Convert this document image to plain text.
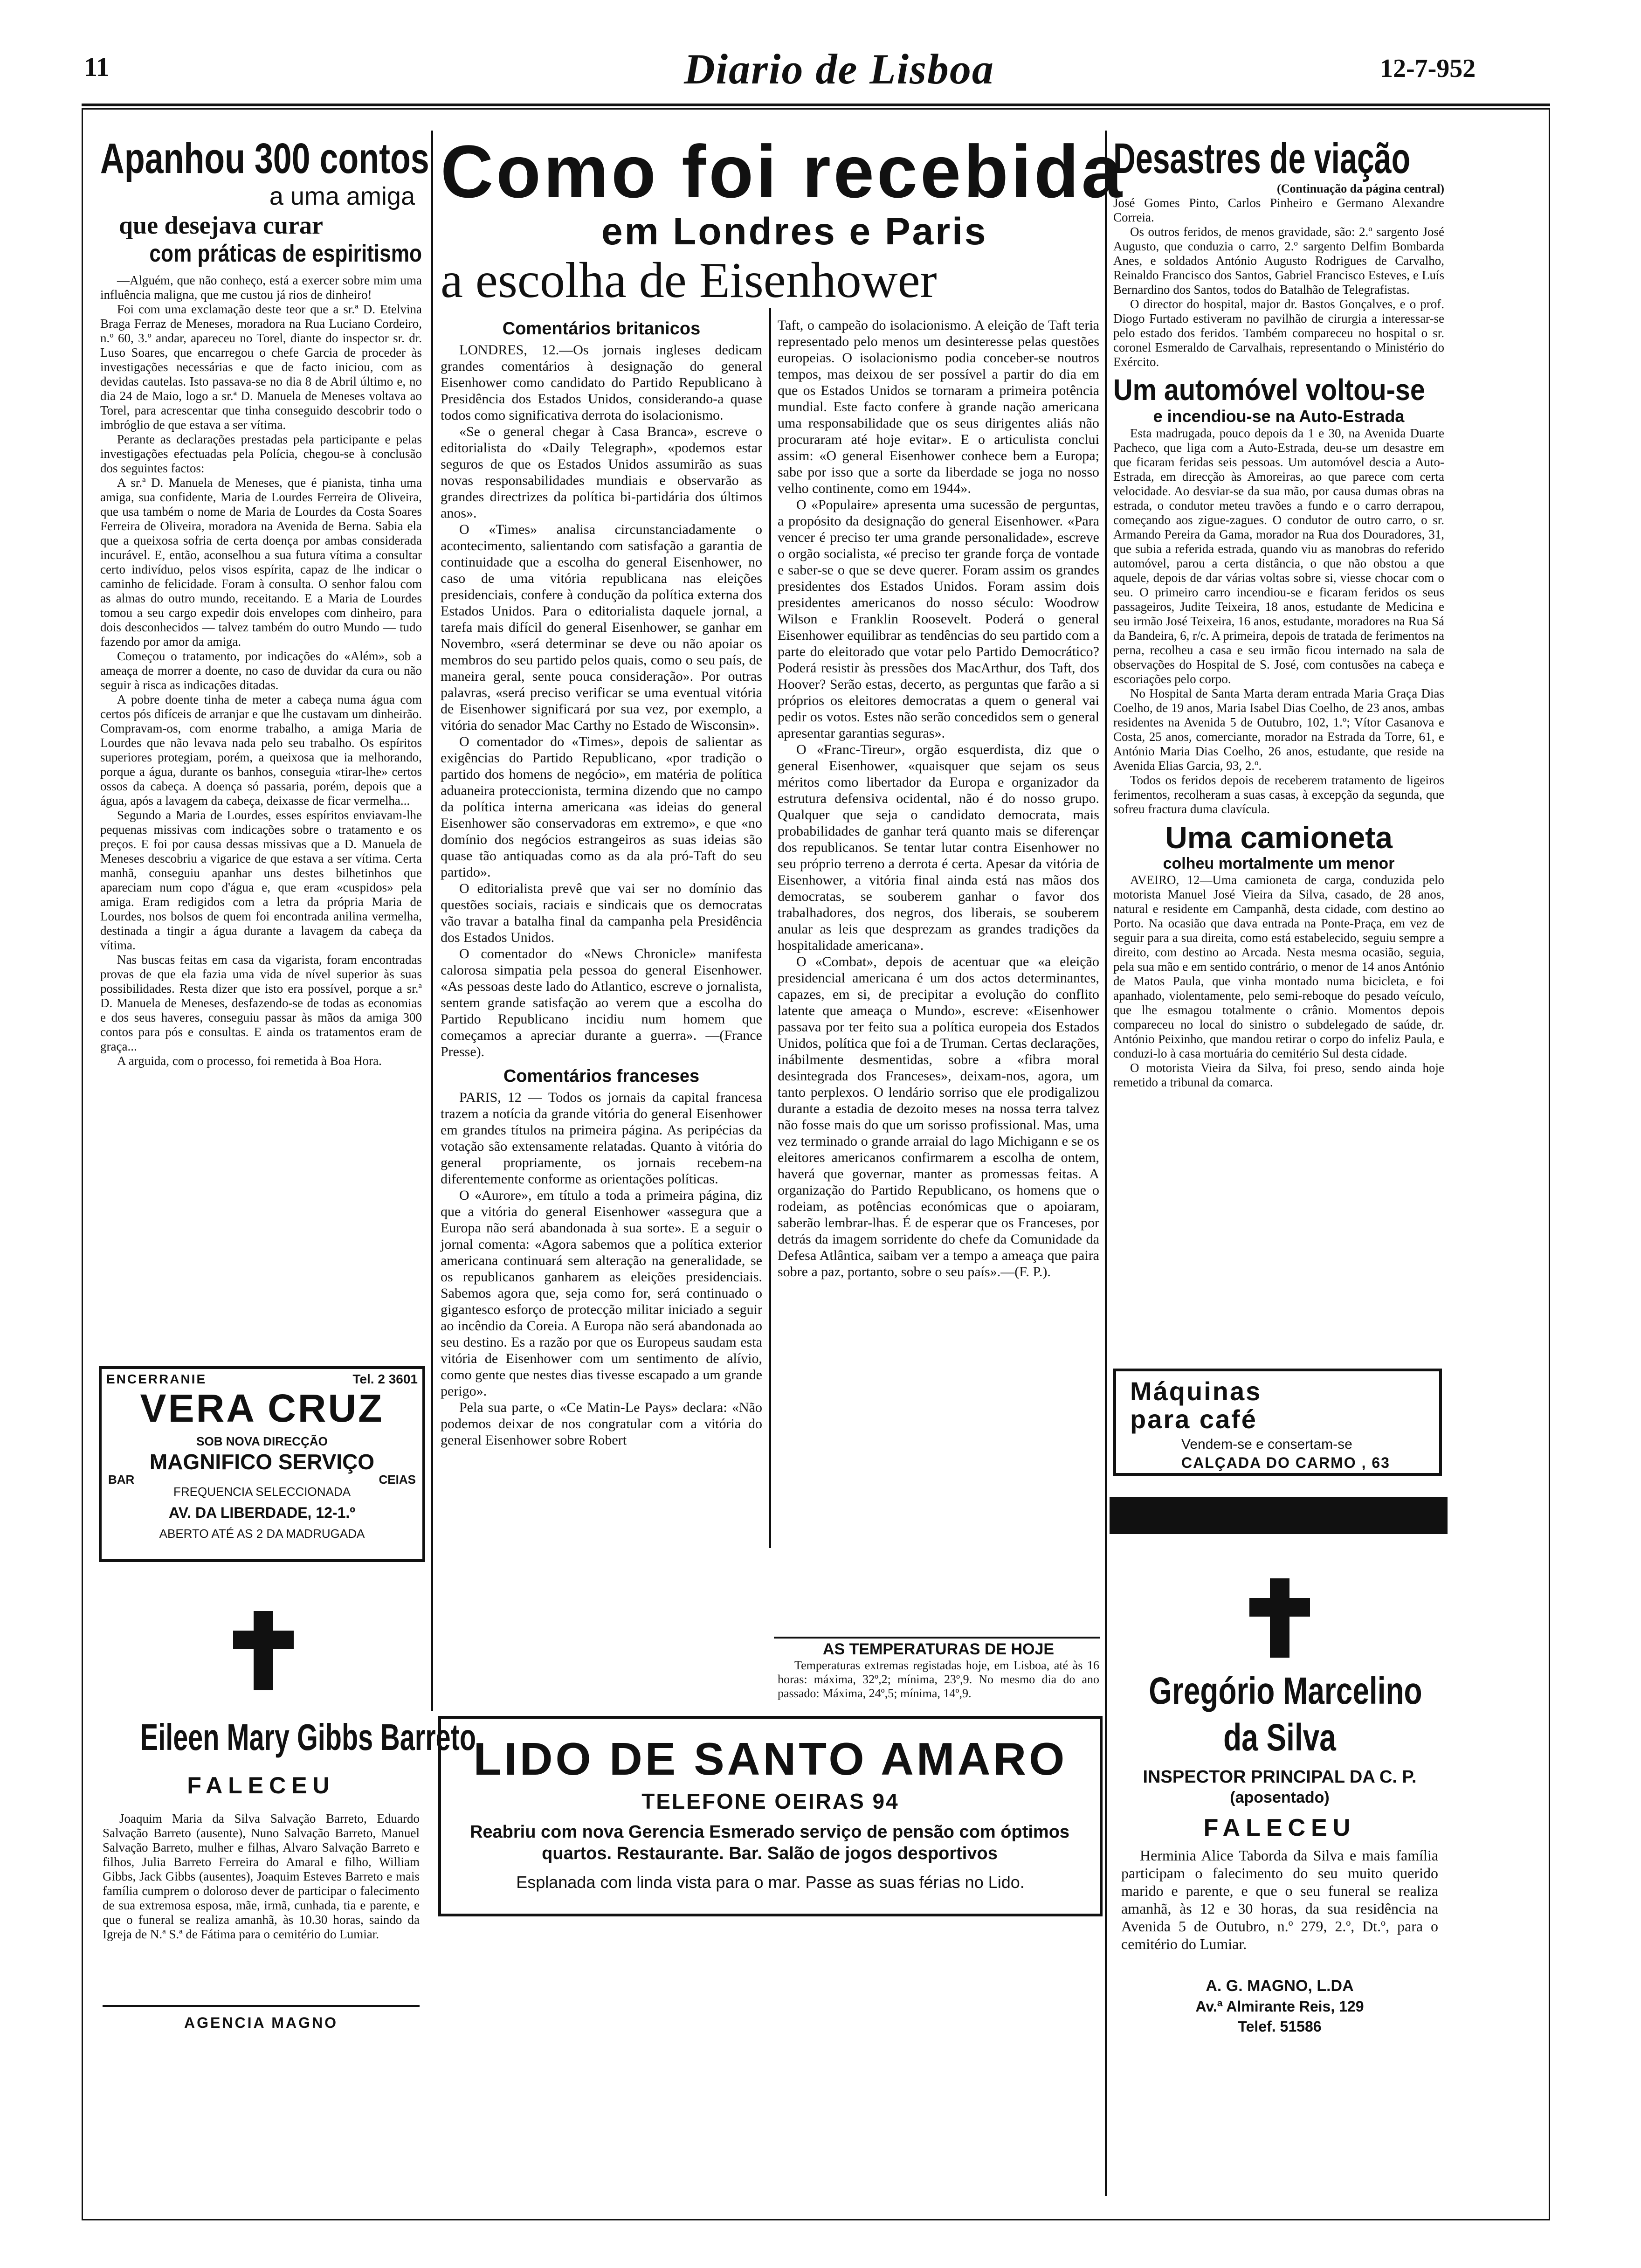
11	Diario de Lisboa	12-7-952
Apanhou 300 contos
a uma amiga
que desejava curar
com práticas de espiritismo

—Alguém, que não conheço, está a exercer sobre mim uma influência maligna, que me custou já rios de dinheiro!

Foi com uma exclamação deste teor que a sr.ª D. Etelvina Braga Ferraz de Meneses, moradora na Rua Luciano Cordeiro, n.º 60, 3.º andar, apareceu no Torel, diante do inspector sr. dr. Luso Soares, que encarregou o chefe Garcia de proceder às investigações necessárias e que de facto iniciou, com as devidas cautelas. Isto passava-se no dia 8 de Abril último e, no dia 24 de Maio, logo a sr.ª D. Manuela de Meneses voltava ao Torel, para acrescentar que tinha conseguido descobrir todo o imbróglio de que estava a ser vítima.

Perante as declarações prestadas pela participante e pelas investigações efectuadas pela Polícia, chegou-se à conclusão dos seguintes factos:

A sr.ª D. Manuela de Meneses, que é pianista, tinha uma amiga, sua confidente, Maria de Lourdes Ferreira de Oliveira, que usa também o nome de Maria de Lourdes da Costa Soares Ferreira de Oliveira, moradora na Avenida de Berna. Sabia ela que a queixosa sofria de certa doença por ambas considerada incurável. E, então, aconselhou a sua futura vítima a consultar certo indivíduo, pelos visos espírita, capaz de lhe indicar o caminho de felicidade. Foram à consulta. O senhor falou com as almas do outro mundo, receitando. E a Maria de Lourdes tomou a seu cargo expedir dois envelopes com dinheiro, para dois desconhecidos — talvez também do outro Mundo — tudo fazendo por amor da amiga.

Começou o tratamento, por indicações do «Além», sob a ameaça de morrer a doente, no caso de duvidar da cura ou não seguir à risca as indicações ditadas.

A pobre doente tinha de meter a cabeça numa água com certos pós difíceis de arranjar e que lhe custavam um dinheirão. Compravam-os, com enorme trabalho, a amiga Maria de Lourdes que não levava nada pelo seu trabalho. Os espíritos superiores protegiam, porém, a queixosa que ia melhorando, porque a água, durante os banhos, conseguia «tirar-lhe» certos ossos da cabeça. A doença só passaria, porém, depois que a água, após a lavagem da cabeça, deixasse de ficar vermelha...

Segundo a Maria de Lourdes, esses espíritos enviavam-lhe pequenas missivas com indicações sobre o tratamento e os preços. E foi por causa dessas missivas que a D. Manuela de Meneses descobriu a vigarice de que estava a ser vítima. Certa manhã, conseguiu apanhar uns destes bilhetinhos que apareciam num copo d'água e, que eram «cuspidos» pela amiga. Eram redigidos com a letra da própria Maria de Lourdes, nos bolsos de quem foi encontrada anilina vermelha, destinada a tingir a água durante a lavagem da cabeça da vítima.

Nas buscas feitas em casa da vigarista, foram encontradas provas de que ela fazia uma vida de nível superior às suas possibilidades. Resta dizer que isto era possível, porque a sr.ª D. Manuela de Meneses, desfazendo-se de todas as economias e dos seus haveres, conseguiu passar às mãos da amiga 300 contos para pós e consultas. E ainda os tratamentos eram de graça...

A arguida, com o processo, foi remetida à Boa Hora.

ENCERRANIE	Tel. 2 3601
VERA CRUZ
SOB NOVA DIRECÇÃO
MAGNIFICO SERVIÇO
BAR	CEIAS
FREQUENCIA SELECCIONADA
AV. DA LIBERDADE, 12-1.º
ABERTO ATÉ AS 2 DA MADRUGADA
Eileen Mary Gibbs Barreto
FALECEU

Joaquim Maria da Silva Salvação Barreto, Eduardo Salvação Barreto (ausente), Nuno Salvação Barreto, Manuel Salvação Barreto, mulher e filhas, Alvaro Salvação Barreto e filhos, Julia Barreto Ferreira do Amaral e filho, William Gibbs, Jack Gibbs (ausentes), Joaquim Esteves Barreto e mais família cumprem o doloroso dever de participar o falecimento de sua extremosa esposa, mãe, irmã, cunhada, tia e parente, e que o funeral se realiza amanhã, às 10.30 horas, saindo da Igreja de N.ª S.ª de Fátima para o cemitério do Lumiar.

AGENCIA MAGNO
Como foi recebida
em Londres e Paris
a escolha de Eisenhower
Comentários britanicos

LONDRES, 12.—Os jornais ingleses dedicam grandes comentários à designação do general Eisenhower como candidato do Partido Republicano à Presidência dos Estados Unidos, considerando-a quase todos como significativa derrota do isolacionismo.

«Se o general chegar à Casa Branca», escreve o editorialista do «Daily Telegraph», «podemos estar seguros de que os Estados Unidos assumirão as suas novas responsabilidades mundiais e observarão as grandes directrizes da política bi-partidária dos últimos anos».

O «Times» analisa circunstanciadamente o acontecimento, salientando com satisfação a garantia de continuidade que a escolha do general Eisenhower, no caso de uma vitória republicana nas eleições presidenciais, confere à condução da política externa dos Estados Unidos. Para o editorialista daquele jornal, a tarefa mais difícil do general Eisenhower, se ganhar em Novembro, «será determinar se deve ou não apoiar os membros do seu partido pelos quais, como o seu país, de maneira geral, sente pouca consideração». Por outras palavras, «será preciso verificar se uma eventual vitória de Eisenhower significará por sua vez, por exemplo, a vitória do senador Mac Carthy no Estado de Wisconsin».

O comentador do «Times», depois de salientar as exigências do Partido Republicano, «por tradição o partido dos homens de negócio», em matéria de política aduaneira proteccionista, termina dizendo que no campo da política interna americana «as ideias do general Eisenhower são conservadoras em extremo», e que «no domínio dos negócios estrangeiros as suas ideias são quase tão antiquadas como as da ala pró-Taft do seu partido».

O editorialista prevê que vai ser no domínio das questões sociais, raciais e sindicais que os democratas vão travar a batalha final da campanha pela Presidência dos Estados Unidos.

O comentador do «News Chronicle» manifesta calorosa simpatia pela pessoa do general Eisenhower. «As pessoas deste lado do Atlantico, escreve o jornalista, sentem grande satisfação ao verem que a escolha do Partido Republicano incidiu num homem que começamos a apreciar durante a guerra». —(France Presse).

Comentários franceses

PARIS, 12 — Todos os jornais da capital francesa trazem a notícia da grande vitória do general Eisenhower em grandes títulos na primeira página. As peripécias da votação são extensamente relatadas. Quanto à vitória do general propriamente, os jornais recebem-na diferentemente conforme as orientações políticas.

O «Aurore», em título a toda a primeira página, diz que a vitória do general Eisenhower «assegura que a Europa não será abandonada à sua sorte». E a seguir o jornal comenta: «Agora sabemos que a política exterior americana continuará sem alteração na generalidade, se os republicanos ganharem as eleições presidenciais. Sabemos agora que, seja como for, será continuado o gigantesco esforço de protecção militar iniciado a seguir ao incêndio da Coreia. A Europa não será abandonada ao seu destino. Es a razão por que os Europeus saudam esta vitória de Eisenhower com um sentimento de alívio, como gente que nestes dias tivesse escapado a um grande perigo».

Pela sua parte, o «Ce Matin-Le Pays» declara: «Não podemos deixar de nos congratular com a vitória do general Eisenhower sobre Robert

Taft, o campeão do isolacionismo. A eleição de Taft teria representado pelo menos um desinteresse pelas questões europeias. O isolacionismo podia conceber-se noutros tempos, mas deixou de ser possível a partir do dia em que os Estados Unidos se tornaram a primeira potência mundial. Este facto confere à grande nação americana uma responsabilidade que os seus dirigentes aliás não procuraram até hoje evitar». E o articulista conclui assim: «O general Eisenhower conhece bem a Europa; sabe por isso que a sorte da liberdade se joga no nosso velho continente, como em 1944».

O «Populaire» apresenta uma sucessão de perguntas, a propósito da designação do general Eisenhower. «Para vencer é preciso ter uma grande personalidade», escreve o orgão socialista, «é preciso ter grande força de vontade e saber-se o que se deve querer. Foram assim os grandes presidentes dos Estados Unidos. Foram assim dois presidentes americanos do nosso século: Woodrow Wilson e Franklin Roosevelt. Poderá o general Eisenhower equilibrar as tendências do seu partido com a parte do eleitorado que votar pelo Partido Democrático? Poderá resistir às pressões dos MacArthur, dos Taft, dos Hoover? Serão estas, decerto, as perguntas que farão a si próprios os eleitores democratas a quem o general vai pedir os votos. Estes não serão concedidos sem o general apresentar garantias seguras».

O «Franc-Tireur», orgão esquerdista, diz que o general Eisenhower, «quaisquer que sejam os seus méritos como libertador da Europa e organizador da estrutura defensiva ocidental, não é do nosso grupo. Qualquer que seja o candidato democrata, mais probabilidades de ganhar terá quanto mais se diferençar dos republicanos. Se tentar lutar contra Eisenhower no seu próprio terreno a derrota é certa. Apesar da vitória de Eisenhower, a vitória final ainda está nas mãos dos democratas, se souberem ganhar o favor dos trabalhadores, dos negros, dos liberais, se souberem anular as leis que desprezam as grandes tradições da hospitalidade americana».

O «Combat», depois de acentuar que «a eleição presidencial americana é um dos actos determinantes, capazes, em si, de precipitar a evolução do conflito latente que ameaça o Mundo», escreve: «Eisenhower passava por ter feito sua a política europeia dos Estados Unidos, política que foi a de Truman. Certas declarações, inábilmente desmentidas, sobre a «fibra moral desintegrada dos Franceses», deixam-nos, agora, um tanto perplexos. O lendário sorriso que ele prodigalizou durante a estadia de dezoito meses na nossa terra talvez não fosse mais do que um sorisso profissional. Mas, uma vez terminado o grande arraial do lago Michigann e se os eleitores americanos confirmarem a escolha de ontem, haverá que governar, manter as promessas feitas. A organização do Partido Republicano, os homens que o rodeiam, as potências económicas que o apoiaram, saberão lembrar-lhas. É de esperar que os Franceses, por detrás da imagem sorridente do chefe da Comunidade da Defesa Atlântica, saibam ver a tempo a ameaça que paira sobre a paz, portanto, sobre o seu país».—(F. P.).

AS TEMPERATURAS DE HOJE

Temperaturas extremas registadas hoje, em Lisboa, até às 16 horas: máxima, 32º,2; mínima, 23º,9. No mesmo dia do ano passado: Máxima, 24º,5; mínima, 14º,9.

LIDO DE SANTO AMARO
TELEFONE OEIRAS 94
Reabriu com nova Gerencia Esmerado serviço de pensão com óptimos quartos. Restaurante. Bar. Salão de jogos desportivos
Esplanada com linda vista para o mar. Passe as suas férias no Lido.
Desastres de viação
(Continuação da página central)

José Gomes Pinto, Carlos Pinheiro e Germano Alexandre Correia.

Os outros feridos, de menos gravidade, são: 2.º sargento José Augusto, que conduzia o carro, 2.º sargento Delfim Bombarda Anes, e soldados António Augusto Rodrigues de Carvalho, Reinaldo Francisco dos Santos, Gabriel Francisco Esteves, e Luís Bernardino dos Santos, todos do Batalhão de Telegrafistas.

O director do hospital, major dr. Bastos Gonçalves, e o prof. Diogo Furtado estiveram no pavilhão de cirurgia a interessar-se pelo estado dos feridos. Também compareceu no hospital o sr. coronel Esmeraldo de Carvalhais, representando o Ministério do Exército.

Um automóvel voltou-se
e incendiou-se na Auto-Estrada

Esta madrugada, pouco depois da 1 e 30, na Avenida Duarte Pacheco, que liga com a Auto-Estrada, deu-se um desastre em que ficaram feridas seis pessoas. Um automóvel descia a Auto-Estrada, em direcção às Amoreiras, ao que parece com certa velocidade. Ao desviar-se da sua mão, por causa dumas obras na estrada, o condutor meteu travões a fundo e o carro derrapou, começando aos zigue-zagues. O condutor de outro carro, o sr. Armando Pereira da Gama, morador na Rua dos Douradores, 31, que subia a referida estrada, quando viu as manobras do referido automóvel, parou a certa distância, o que não obstou a que aquele, depois de dar várias voltas sobre si, viesse chocar com o seu. O primeiro carro incendiou-se e ficaram feridos os seus passageiros, Judite Teixeira, 18 anos, estudante de Medicina e seu irmão José Teixeira, 16 anos, estudante, moradores na Rua Sá da Bandeira, 6, r/c. A primeira, depois de tratada de ferimentos na perna, recolheu a casa e seu irmão ficou internado na sala de observações do Hospital de S. José, com contusões na cabeça e escoriações pelo corpo.

No Hospital de Santa Marta deram entrada Maria Graça Dias Coelho, de 19 anos, Maria Isabel Dias Coelho, de 23 anos, ambas residentes na Avenida 5 de Outubro, 102, 1.º; Vítor Casanova e Costa, 25 anos, comerciante, morador na Estrada da Torre, 61, e António Maria Dias Coelho, 26 anos, estudante, que reside na Avenida Elias Garcia, 93, 2.º.

Todos os feridos depois de receberem tratamento de ligeiros ferimentos, recolheram a suas casas, à excepção da segunda, que sofreu fractura duma clavícula.

Uma camioneta
colheu mortalmente um menor

AVEIRO, 12—Uma camioneta de carga, conduzida pelo motorista Manuel José Vieira da Silva, casado, de 28 anos, natural e residente em Campanhã, desta cidade, com destino ao Porto. Na ocasião que dava entrada na Ponte-Praça, em vez de seguir para a sua direita, como está estabelecido, seguiu sempre a direito, com destino ao Arcada. Nesta mesma ocasião, seguia, pela sua mão e em sentido contrário, o menor de 14 anos António de Matos Paula, que vinha montado numa bicicleta, e foi apanhado, violentamente, pelo semi-reboque do pesado veículo, que lhe esmagou totalmente o crânio. Momentos depois compareceu no local do sinistro o subdelegado de saúde, dr. António Peixinho, que mandou retirar o corpo do infeliz Paula, e conduzi-lo à casa mortuária do cemitério Sul desta cidade.

O motorista Vieira da Silva, foi preso, sendo ainda hoje remetido a tribunal da comarca.

Máquinas
para café
Vendem-se e consertam-se
CALÇADA DO CARMO , 63
Gregório Marcelino
da Silva
INSPECTOR PRINCIPAL DA C. P.
(aposentado)
FALECEU

Herminia Alice Taborda da Silva e mais família participam o falecimento do seu muito querido marido e parente, e que o seu funeral se realiza amanhã, às 12 e 30 horas, da sua residência na Avenida 5 de Outubro, n.º 279, 2.º, Dt.º, para o cemitério do Lumiar.

A. G. MAGNO, L.DA
Av.ª Almirante Reis, 129
Telef. 51586
